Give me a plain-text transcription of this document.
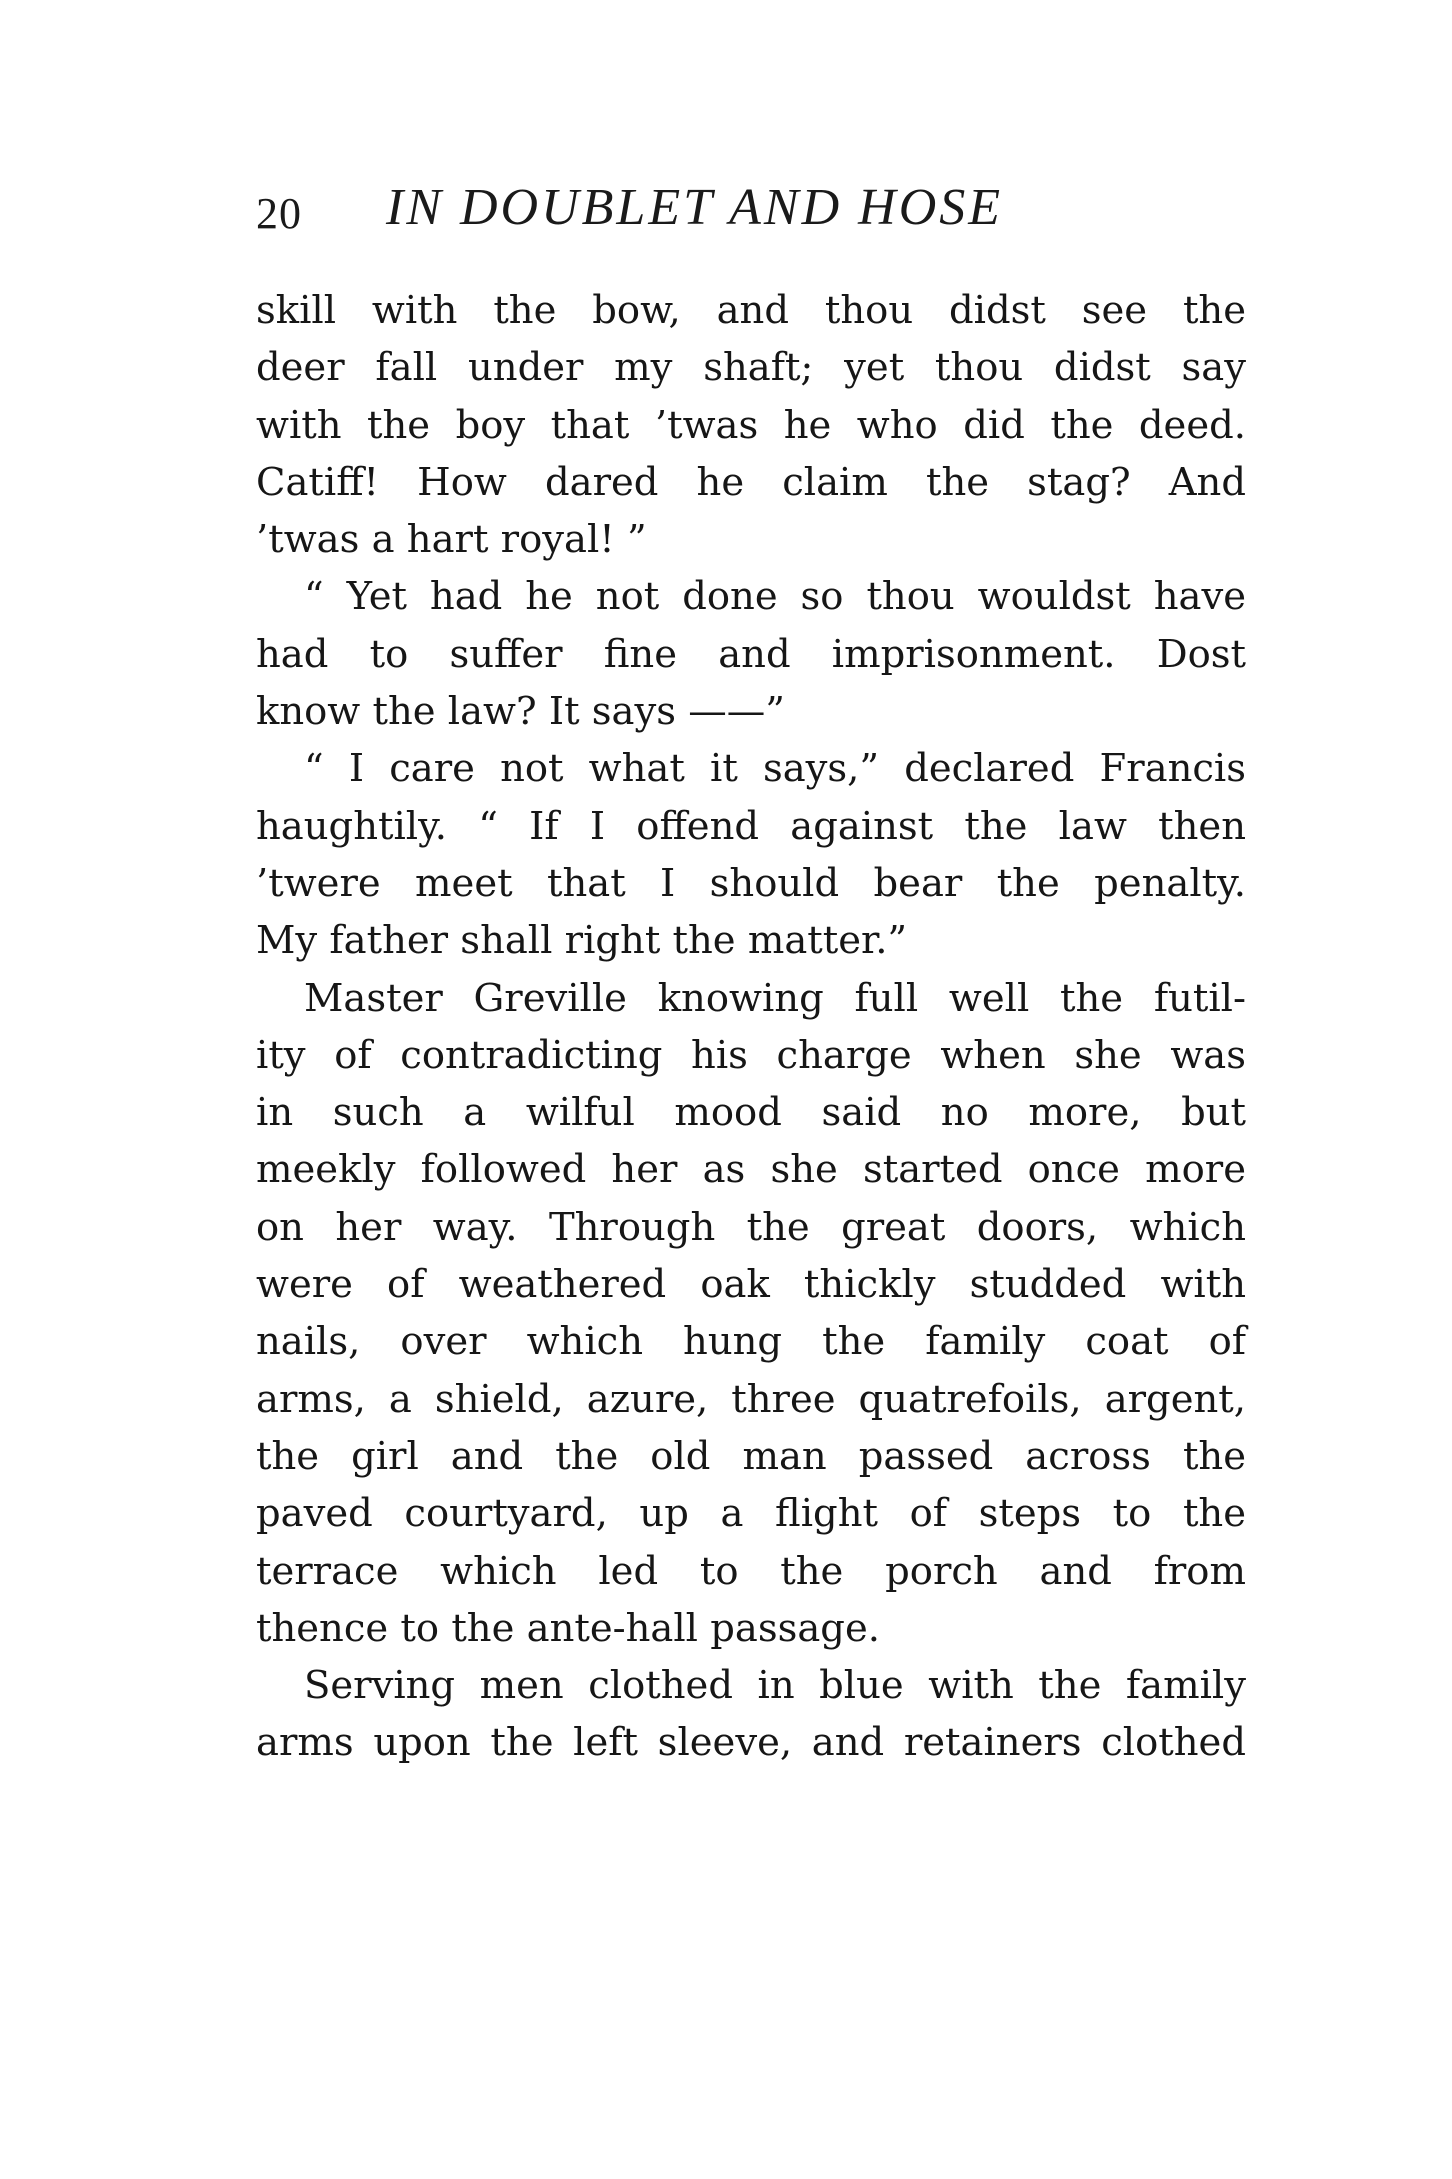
20 IN DOUBLET AND HOSE
skill with the bow, and thou didst see the
deer fall under my shaft; yet thou didst say
with the boy that ’twas he who did the deed.
Catiff! How dared he claim the stag? And
’twas a hart royal! ”
“ Yet had he not done so thou wouldst have
had to suffer fine and imprisonment. Dost
know the law? It says ——”
“ I care not what it says,” declared Francis
haughtily. “ If I offend against the law then
’twere meet that I should bear the penalty.
My father shall right the matter.”
Master Greville knowing full well the futil-
ity of contradicting his charge when she was
in such a wilful mood said no more, but
meekly followed her as she started once more
on her way. Through the great doors, which
were of weathered oak thickly studded with
nails, over which hung the family coat of
arms, a shield, azure, three quatrefoils, argent,
the girl and the old man passed across the
paved courtyard, up a flight of steps to the
terrace which led to the porch and from
thence to the ante-hall passage.
Serving men clothed in blue with the family
arms upon the left sleeve, and retainers clothed
